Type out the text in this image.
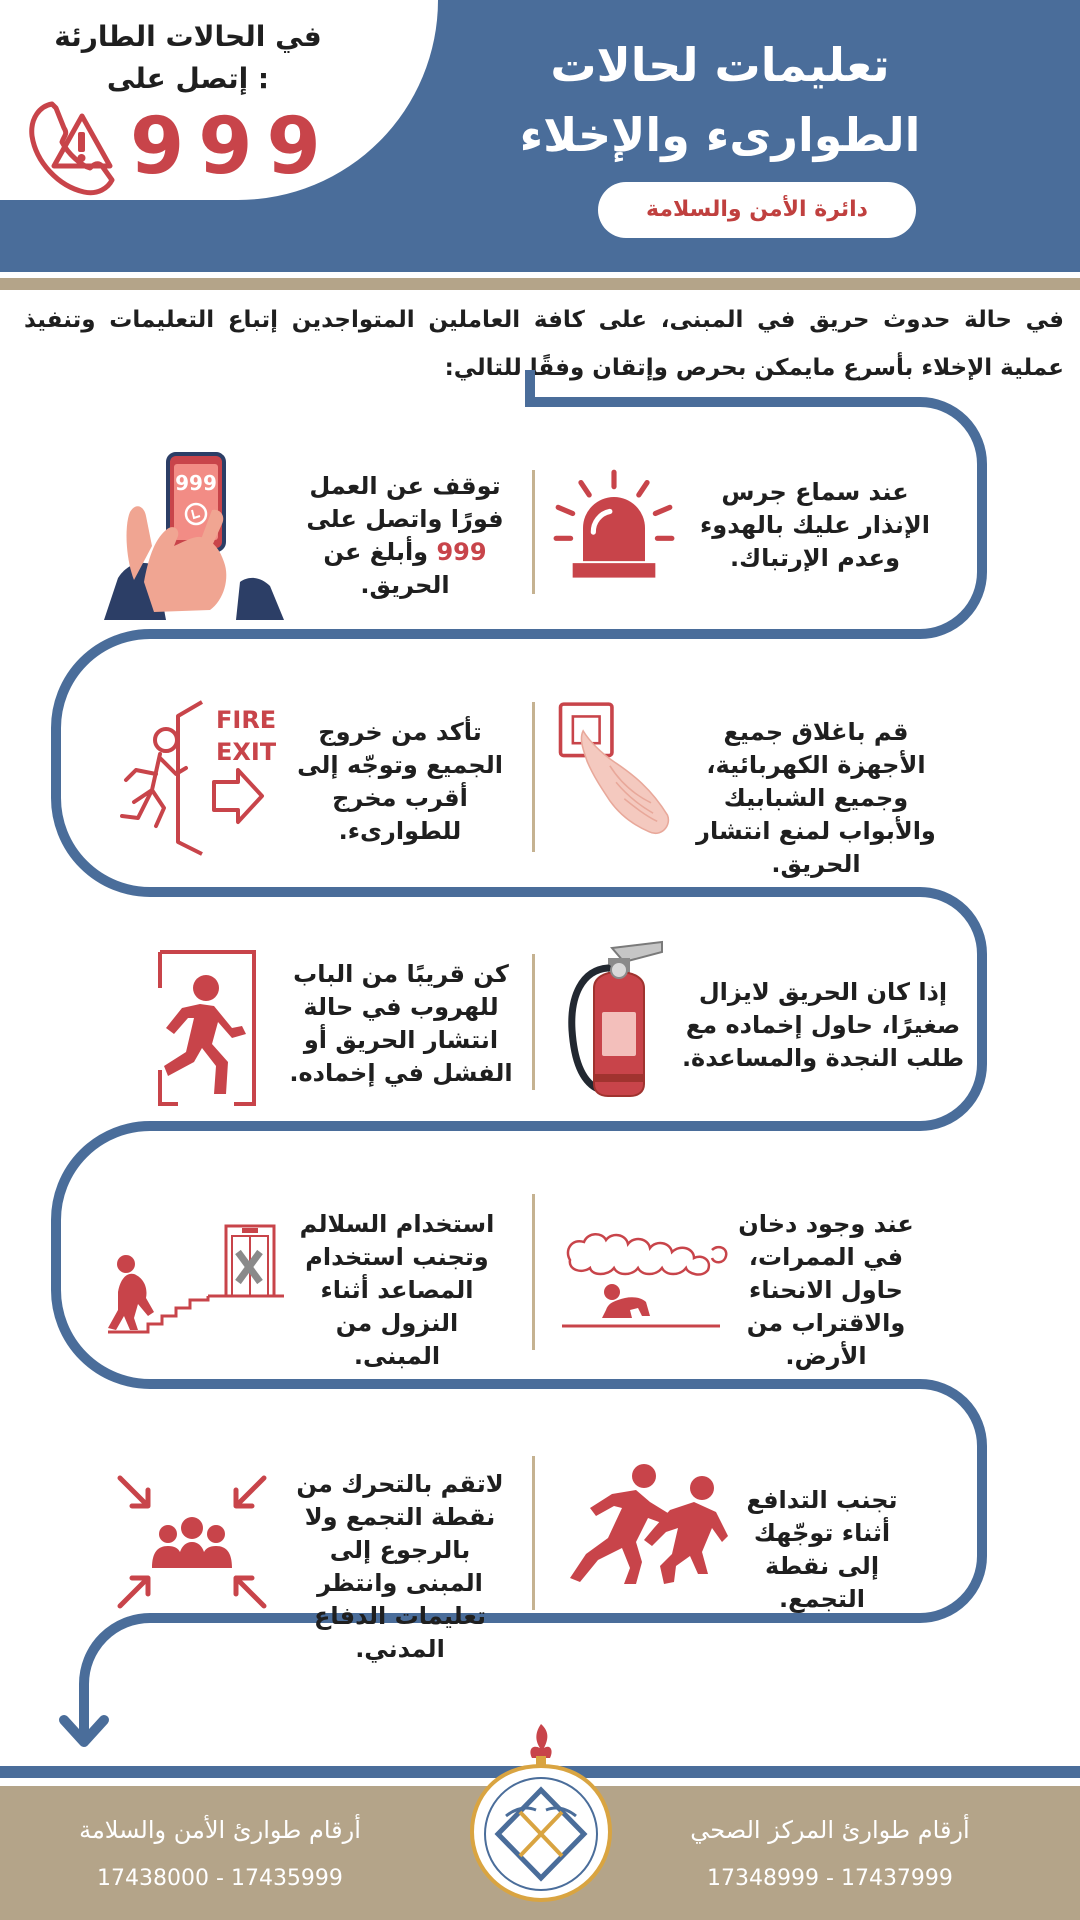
تعليمات لحالات
الطوارىء والإخلاء
دائرة الأمن والسلامة
في الحالات الطارئة
إتصل على :
999
في حالة حدوث حريق في المبنى، على كافة العاملين المتواجدين إتباع التعليمات وتنفيذ عملية الإخلاء بأسرع مايمكن بحرص وإتقان وفقًا للتالي:
عند سماع جرس الإنذار عليك بالهدوء وعدم الإرتباك.
توقف عن العمل فورًا واتصل على 999 وأبلغ عن الحريق.
999
قم باغلاق جميع الأجهزة الكهربائية، وجميع الشبابيك والأبواب لمنع انتشار الحريق.
تأكد من خروج الجميع وتوجّه إلى أقرب مخرج للطوارىء.
FIRE
EXIT
إذا كان الحريق لايزال صغيرًا، حاول إخماده مع طلب النجدة والمساعدة.
كن قريبًا من الباب للهروب في حالة انتشار الحريق أو الفشل في إخماده.
عند وجود دخان في الممرات، حاول الانحناء والاقتراب من الأرض.
استخدام السلالم وتجنب استخدام المصاعد أثناء النزول من المبنى.
تجنب التدافع أثناء توجّهك إلى نقطة التجمع.
لاتقم بالتحرك من نقطة التجمع ولا بالرجوع إلى المبنى وانتظر تعليمات الدفاع المدني.
أرقام طوارئ المركز الصحي
17348999 - 17437999
أرقام طوارئ الأمن والسلامة
17438000 - 17435999
